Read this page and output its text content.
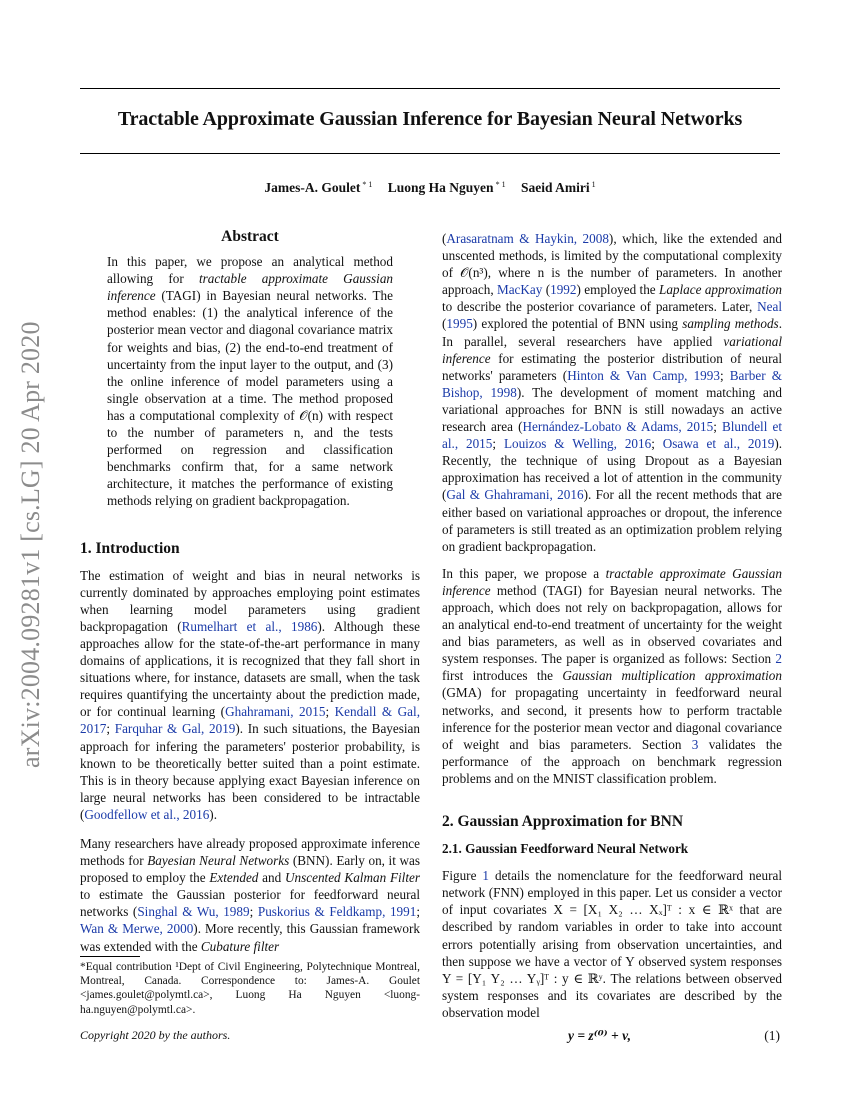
Tractable Approximate Gaussian Inference for Bayesian Neural Networks
James-A. Goulet $^{* 1}$ Luong Ha Nguyen $^{* 1}$ Saeid Amiri $^1$
arXiv:2004.09281v1 [cs.LG] 20 Apr 2020
Abstract

In this paper, we propose an analytical method allowing for tractable approximate Gaussian inference (TAGI) in Bayesian neural networks. The method enables: (1) the analytical inference of the posterior mean vector and diagonal covariance matrix for weights and bias, (2) the end-to-end treatment of uncertainty from the input layer to the output, and (3) the online inference of model parameters using a single observation at a time. The method proposed has a computational complexity of 𝒪(n) with respect to the number of parameters n, and the tests performed on regression and classification benchmarks confirm that, for a same network architecture, it matches the performance of existing methods relying on gradient backpropagation.

1. Introduction

The estimation of weight and bias in neural networks is currently dominated by approaches employing point estimates when learning model parameters using gradient backpropagation (Rumelhart et al., 1986). Although these approaches allow for the state-of-the-art performance in many domains of applications, it is recognized that they fall short in situations where, for instance, datasets are small, when the task requires quantifying the uncertainty about the prediction made, or for continual learning (Ghahramani, 2015; Kendall & Gal, 2017; Farquhar & Gal, 2019). In such situations, the Bayesian approach for infering the parameters' posterior probability, is known to be theoretically better suited than a point estimate. This is in theory because applying exact Bayesian inference on large neural networks has been considered to be intractable (Goodfellow et al., 2016).

Many researchers have already proposed approximate inference methods for Bayesian Neural Networks (BNN). Early on, it was proposed to employ the Extended and Unscented Kalman Filter to estimate the Gaussian posterior for feedforward neural networks (Singhal & Wu, 1989; Puskorius & Feldkamp, 1991; Wan & Merwe, 2000). More recently, this Gaussian framework was extended with the Cubature filter

*Equal contribution ¹Dept of Civil Engineering, Polytechnique Montreal, Montreal, Canada. Correspondence to: James-A. Goulet <james.goulet@polymtl.ca>, Luong Ha Nguyen <luong-ha.nguyen@polymtl.ca>.
Copyright 2020 by the authors.

(Arasaratnam & Haykin, 2008), which, like the extended and unscented methods, is limited by the computational complexity of 𝒪(n³), where n is the number of parameters. In another approach, MacKay (1992) employed the Laplace approximation to describe the posterior covariance of parameters. Later, Neal (1995) explored the potential of BNN using sampling methods. In parallel, several researchers have applied variational inference for estimating the posterior distribution of neural networks' parameters (Hinton & Van Camp, 1993; Barber & Bishop, 1998). The development of moment matching and variational approaches for BNN is still nowadays an active research area (Hernández-Lobato & Adams, 2015; Blundell et al., 2015; Louizos & Welling, 2016; Osawa et al., 2019). Recently, the technique of using Dropout as a Bayesian approximation has received a lot of attention in the community (Gal & Ghahramani, 2016). For all the recent methods that are either based on variational approaches or dropout, the inference of parameters is still treated as an optimization problem relying on gradient backpropagation.

In this paper, we propose a tractable approximate Gaussian inference method (TAGI) for Bayesian neural networks. The approach, which does not rely on backpropagation, allows for an analytical end-to-end treatment of uncertainty for the weight and bias parameters, as well as in observed covariates and system responses. The paper is organized as follows: Section 2 first introduces the Gaussian multiplication approximation (GMA) for propagating uncertainty in feedforward neural networks, and second, it presents how to perform tractable inference for the posterior mean vector and diagonal covariance of weight and bias parameters. Section 3 validates the performance of the approach on benchmark regression problems and on the MNIST classification problem.

2. Gaussian Approximation for BNN
2.1. Gaussian Feedforward Neural Network

Figure 1 details the nomenclature for the feedforward neural network (FNN) employed in this paper. Let us consider a vector of input covariates X = [X₁ X₂ … Xₓ]ᵀ : x ∈ ℝˣ that are described by random variables in order to take into account errors potentially arising from observation uncertainties, and then suppose we have a vector of Y observed system responses Y = [Y₁ Y₂ … Yᵧ]ᵀ : y ∈ ℝʸ. The relations between observed system responses and its covariates are described by the observation model

y = z⁽⁰⁾ + v,	(1)
